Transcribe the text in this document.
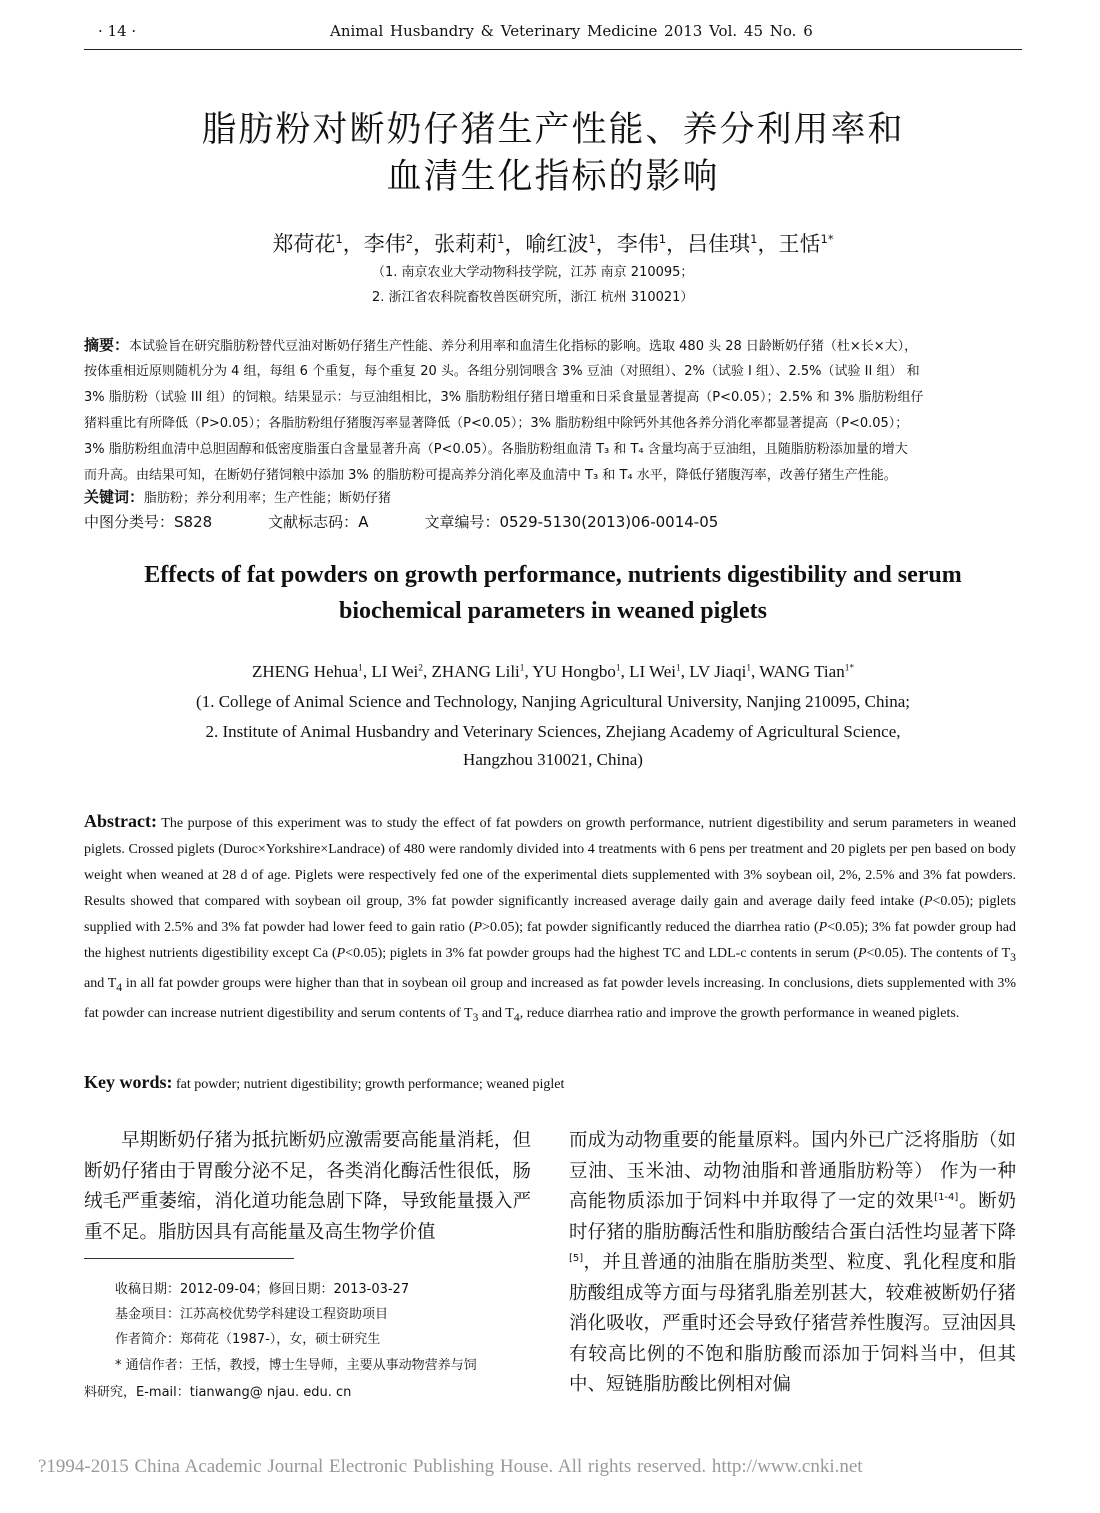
· 14 ·	Animal Husbandry & Veterinary Medicine 2013 Vol. 45 No. 6
脂肪粉对断奶仔猪生产性能、养分利用率和
血清生化指标的影响
郑荷花$^1$，李伟$^2$，张莉莉$^1$，喻红波$^1$，李伟$^1$，吕佳琪$^1$，王恬$^{1*}$
（1. 南京农业大学动物科技学院，江苏 南京 210095；
2. 浙江省农科院畜牧兽医研究所，浙江 杭州 310021）
摘要：本试验旨在研究脂肪粉替代豆油对断奶仔猪生产性能、养分利用率和血清生化指标的影响。选取 480 头 28 日龄断奶仔猪（杜×长×大），
按体重相近原则随机分为 4 组，每组 6 个重复，每个重复 20 头。各组分别饲喂含 3% 豆油（对照组）、2%（试验 I 组）、2.5%（试验 II 组） 和
3% 脂肪粉（试验 III 组）的饲粮。结果显示：与豆油组相比，3% 脂肪粉组仔猪日增重和日采食量显著提高（P<0.05）；2.5% 和 3% 脂肪粉组仔
猪料重比有所降低（P>0.05）；各脂肪粉组仔猪腹泻率显著降低（P<0.05）；3% 脂肪粉组中除钙外其他各养分消化率都显著提高（P<0.05）；
3% 脂肪粉组血清中总胆固醇和低密度脂蛋白含量显著升高（P<0.05）。各脂肪粉组血清 T₃ 和 T₄ 含量均高于豆油组，且随脂肪粉添加量的增大
而升高。由结果可知，在断奶仔猪饲粮中添加 3% 的脂肪粉可提高养分消化率及血清中 T₃ 和 T₄ 水平，降低仔猪腹泻率，改善仔猪生产性能。
关键词：脂肪粉；养分利用率；生产性能；断奶仔猪
中图分类号：S828	文献标志码：A	文章编号：0529-5130(2013)06-0014-05
Effects of fat powders on growth performance, nutrients digestibility and serum
biochemical parameters in weaned piglets
ZHENG Hehua$^1$, LI Wei$^2$, ZHANG Lili$^1$, YU Hongbo$^1$, LI Wei$^1$, LV Jiaqi$^1$, WANG Tian$^{1*}$
(1. College of Animal Science and Technology, Nanjing Agricultural University, Nanjing 210095, China;
2. Institute of Animal Husbandry and Veterinary Sciences, Zhejiang Academy of Agricultural Science,
Hangzhou 310021, China)
Abstract: The purpose of this experiment was to study the effect of fat powders on growth performance, nutrient digestibility and serum parameters in weaned piglets. Crossed piglets (Duroc×Yorkshire×Landrace) of 480 were randomly divided into 4 treatments with 6 pens per treatment and 20 piglets per pen based on body weight when weaned at 28 d of age. Piglets were respectively fed one of the experimental diets supplemented with 3% soybean oil, 2%, 2.5% and 3% fat powders. Results showed that compared with soybean oil group, 3% fat powder significantly increased average daily gain and average daily feed intake (P<0.05); piglets supplied with 2.5% and 3% fat powder had lower feed to gain ratio (P>0.05); fat powder significantly reduced the diarrhea ratio (P<0.05); 3% fat powder group had the highest nutrients digestibility except Ca (P<0.05); piglets in 3% fat powder groups had the highest TC and LDL-c contents in serum (P<0.05). The contents of $T_3$ and $T_4$ in all fat powder groups were higher than that in soybean oil group and increased as fat powder levels increasing. In conclusions, diets supplemented with 3% fat powder can increase nutrient digestibility and serum contents of $T_3$ and $T_4$, reduce diarrhea ratio and improve the growth performance in weaned piglets.
Key words: fat powder; nutrient digestibility; growth performance; weaned piglet
早期断奶仔猪为抵抗断奶应激需要高能量消耗，但断奶仔猪由于胃酸分泌不足，各类消化酶活性很低，肠绒毛严重萎缩，消化道功能急剧下降，导致能量摄入严重不足。脂肪因具有高能量及高生物学价值
而成为动物重要的能量原料。国内外已广泛将脂肪（如豆油、玉米油、动物油脂和普通脂肪粉等） 作为一种高能物质添加于饲料中并取得了一定的效果[1-4]。断奶时仔猪的脂肪酶活性和脂肪酸结合蛋白活性均显著下降[5]，并且普通的油脂在脂肪类型、粒度、乳化程度和脂肪酸组成等方面与母猪乳脂差别甚大，较难被断奶仔猪消化吸收，严重时还会导致仔猪营养性腹泻。豆油因具有较高比例的不饱和脂肪酸而添加于饲料当中，但其中、短链脂肪酸比例相对偏
收稿日期：2012-09-04；修回日期：2013-03-27
基金项目：江苏高校优势学科建设工程资助项目
作者简介：郑荷花（1987-），女，硕士研究生
* 通信作者：王恬，教授，博士生导师，主要从事动物营养与饲
料研究，E-mail：tianwang@ njau. edu. cn
?1994-2015 China Academic Journal Electronic Publishing House. All rights reserved. http://www.cnki.net
